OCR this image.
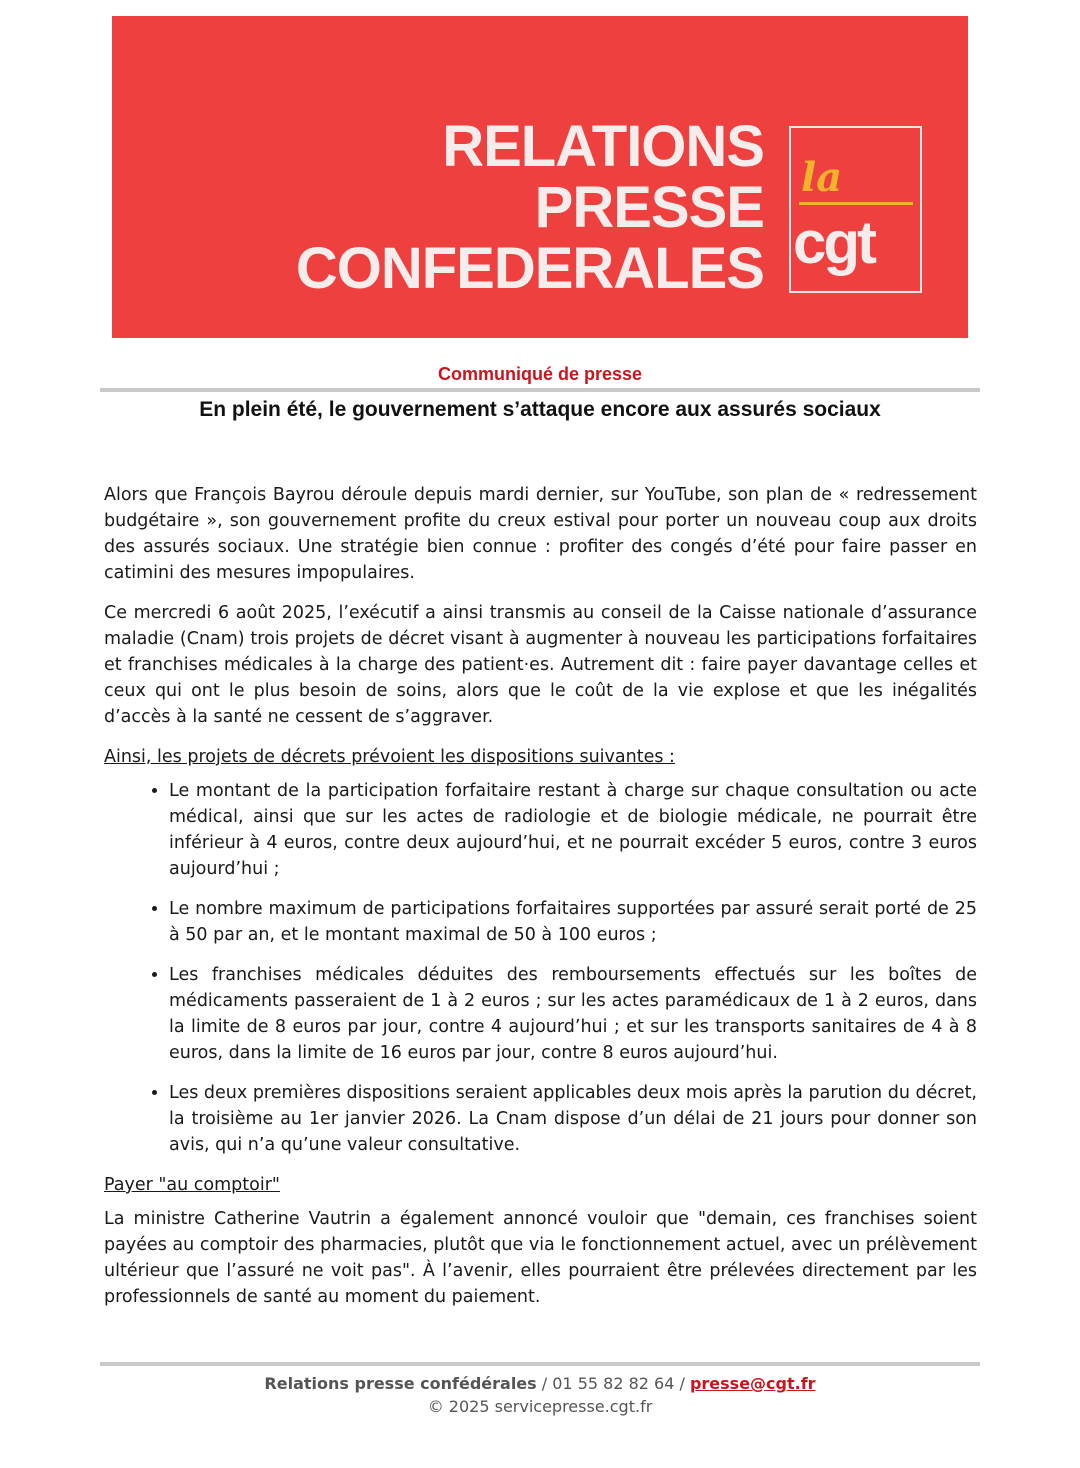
RELATIONS
PRESSE
CONFEDERALES
la
cgt
Communiqué de presse
En plein été, le gouvernement s’attaque encore aux assurés sociaux

Alors que François Bayrou déroule depuis mardi dernier, sur YouTube, son plan de « redressement budgétaire », son gouvernement profite du creux estival pour porter un nouveau coup aux droits des assurés sociaux. Une stratégie bien connue : profiter des congés d’été pour faire passer en catimini des mesures impopulaires.

Ce mercredi 6 août 2025, l’exécutif a ainsi transmis au conseil de la Caisse nationale d’assurance maladie (Cnam) trois projets de décret visant à augmenter à nouveau les participations forfaitaires et franchises médicales à la charge des patient·es. Autrement dit : faire payer davantage celles et ceux qui ont le plus besoin de soins, alors que le coût de la vie explose et que les inégalités d’accès à la santé ne cessent de s’aggraver.

Ainsi, les projets de décrets prévoient les dispositions suivantes :

• Le montant de la participation forfaitaire restant à charge sur chaque consultation ou acte médical, ainsi que sur les actes de radiologie et de biologie médicale, ne pourrait être inférieur à 4 euros, contre deux aujourd’hui, et ne pourrait excéder 5 euros, contre 3 euros aujourd’hui ;
• Le nombre maximum de participations forfaitaires supportées par assuré serait porté de 25 à 50 par an, et le montant maximal de 50 à 100 euros ;
• Les franchises médicales déduites des remboursements effectués sur les boîtes de médicaments passeraient de 1 à 2 euros ; sur les actes paramédicaux de 1 à 2 euros, dans la limite de 8 euros par jour, contre 4 aujourd’hui ; et sur les transports sanitaires de 4 à 8 euros, dans la limite de 16 euros par jour, contre 8 euros aujourd’hui.
• Les deux premières dispositions seraient applicables deux mois après la parution du décret, la troisième au 1er janvier 2026. La Cnam dispose d’un délai de 21 jours pour donner son avis, qui n’a qu’une valeur consultative.

Payer "au comptoir"

La ministre Catherine Vautrin a également annoncé vouloir que "demain, ces franchises soient payées au comptoir des pharmacies, plutôt que via le fonctionnement actuel, avec un prélèvement ultérieur que l’assuré ne voit pas". À l’avenir, elles pourraient être prélevées directement par les professionnels de santé au moment du paiement.

Relations presse confédérales / 01 55 82 82 64 / presse@cgt.fr
© 2025 servicepresse.cgt.fr
